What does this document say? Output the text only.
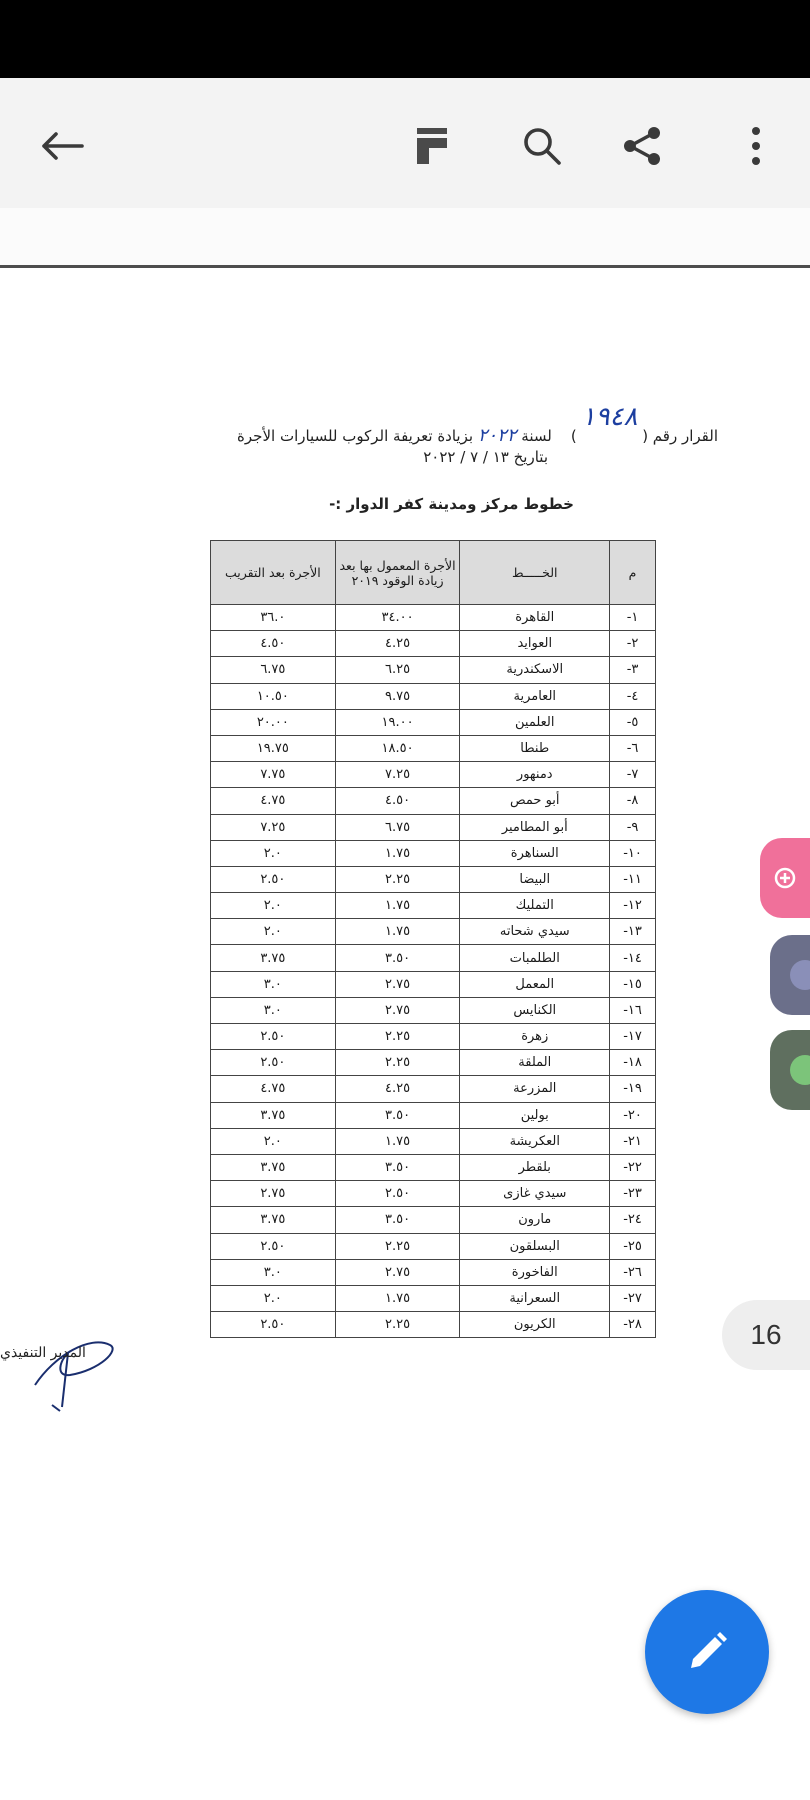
القرار رقم ( ١٩٤٨ )    لسنة ٢٠٢٢ بزيادة تعريفة الركوب للسيارات الأجرة
بتاريخ ١٣ / ٧ / ٢٠٢٢
خطوط مركز ومدينة كفر الدوار :-
م	الخـــــط	الأجرة المعمول بها بعد زيادة الوقود ٢٠١٩	الأجرة بعد التقريب
١-	القاهرة	٣٤.٠٠	٣٦.٠
٢-	العوايد	٤.٢٥	٤.٥٠
٣-	الاسكندرية	٦.٢٥	٦.٧٥
٤-	العامرية	٩.٧٥	١٠.٥٠
٥-	العلمين	١٩.٠٠	٢٠.٠٠
٦-	طنطا	١٨.٥٠	١٩.٧٥
٧-	دمنهور	٧.٢٥	٧.٧٥
٨-	أبو حمص	٤.٥٠	٤.٧٥
٩-	أبو المطامير	٦.٧٥	٧.٢٥
١٠-	السناهرة	١.٧٥	٢.٠
١١-	البيضا	٢.٢٥	٢.٥٠
١٢-	التمليك	١.٧٥	٢.٠
١٣-	سيدي شحاته	١.٧٥	٢.٠
١٤-	الطلمبات	٣.٥٠	٣.٧٥
١٥-	المعمل	٢.٧٥	٣.٠
١٦-	الكنايس	٢.٧٥	٣.٠
١٧-	زهرة	٢.٢٥	٢.٥٠
١٨-	الملقة	٢.٢٥	٢.٥٠
١٩-	المزرعة	٤.٢٥	٤.٧٥
٢٠-	بولين	٣.٥٠	٣.٧٥
٢١-	العكريشة	١.٧٥	٢.٠
٢٢-	بلقطر	٣.٥٠	٣.٧٥
٢٣-	سيدي غازى	٢.٥٠	٢.٧٥
٢٤-	مارون	٣.٥٠	٣.٧٥
٢٥-	البسلقون	٢.٢٥	٢.٥٠
٢٦-	الفاخورة	٢.٧٥	٣.٠
٢٧-	السعرانية	١.٧٥	٢.٠
٢٨-	الكريون	٢.٢٥	٢.٥٠
المدير التنفيذي
16
